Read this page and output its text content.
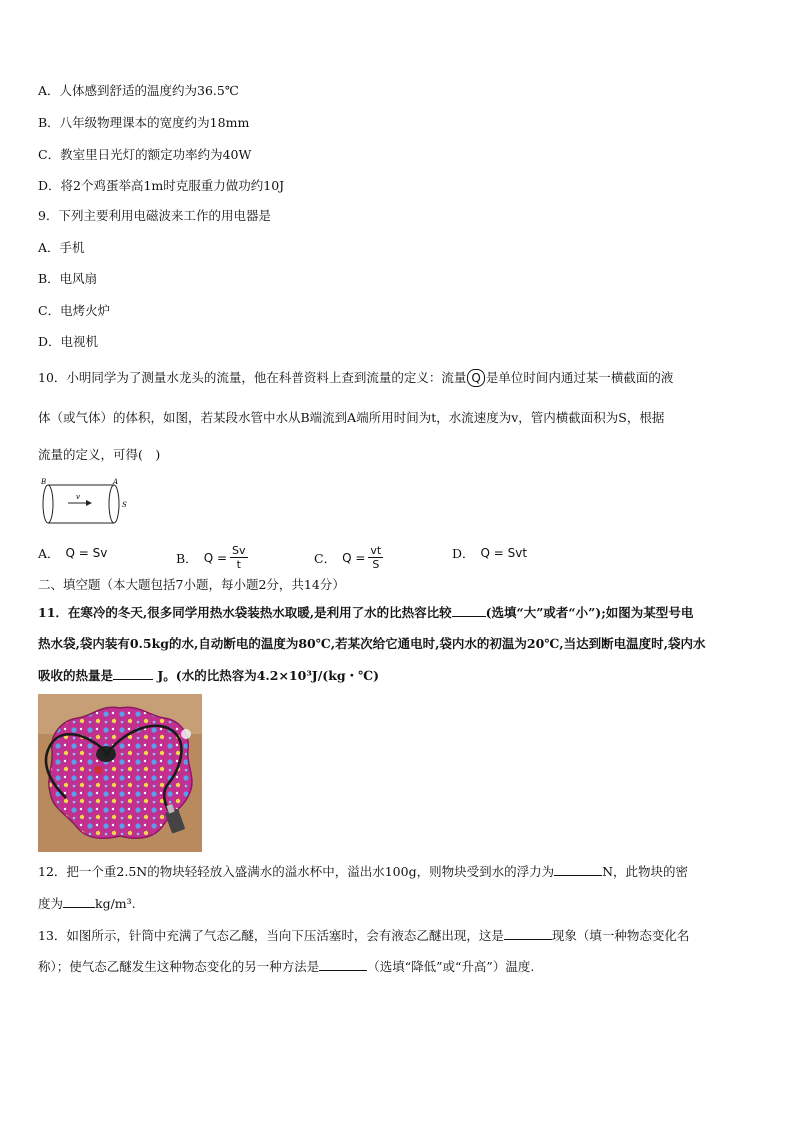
A．人体感到舒适的温度约为36.5℃
B．八年级物理课本的宽度约为18mm
C．教室里日光灯的额定功率约为40W
D．将2个鸡蛋举高1m时克服重力做功约10J
9．下列主要利用电磁波来工作的用电器是
A．手机
B．电风扇
C．电烤火炉
D．电视机
10．小明同学为了测量水龙头的流量，他在科普资料上查到流量的定义：流量 Q 是单位时间内通过某一横截面的液
体（或气体）的体积，如图，若某段水管中水从B端流到A端所用时间为t，水流速度为v，管内横截面积为S，根据
流量的定义，可得(　)
B	A
v
S
A． Q = Sv	B． $Q = \frac{Sv}{t}$	C． $Q = \frac{vt}{S}$	D． Q = Svt
二、填空题（本大题包括7小题，每小题2分，共14分）
11．在寒冷的冬天,很多同学用热水袋装热水取暖,是利用了水的比热容比较	(选填“大”或者“小”);如图为某型号电
热水袋,袋内装有0.5kg的水,自动断电的温度为80℃,若某次给它通电时,袋内水的初温为20℃,当达到断电温度时,袋内水
吸收的热量是	J。(水的比热容为4.2×10³J/(kg・℃)
12．把一个重2.5N的物块轻轻放入盛满水的溢水杯中，溢出水100g，则物块受到水的浮力为	N，此物块的密
度为	kg/m³.
13．如图所示，针筒中充满了气态乙醚，当向下压活塞时，会有液态乙醚出现，这是	现象（填一种物态变化名
称）；使气态乙醚发生这种物态变化的另一种方法是	（选填“降低”或“升高”）温度.
